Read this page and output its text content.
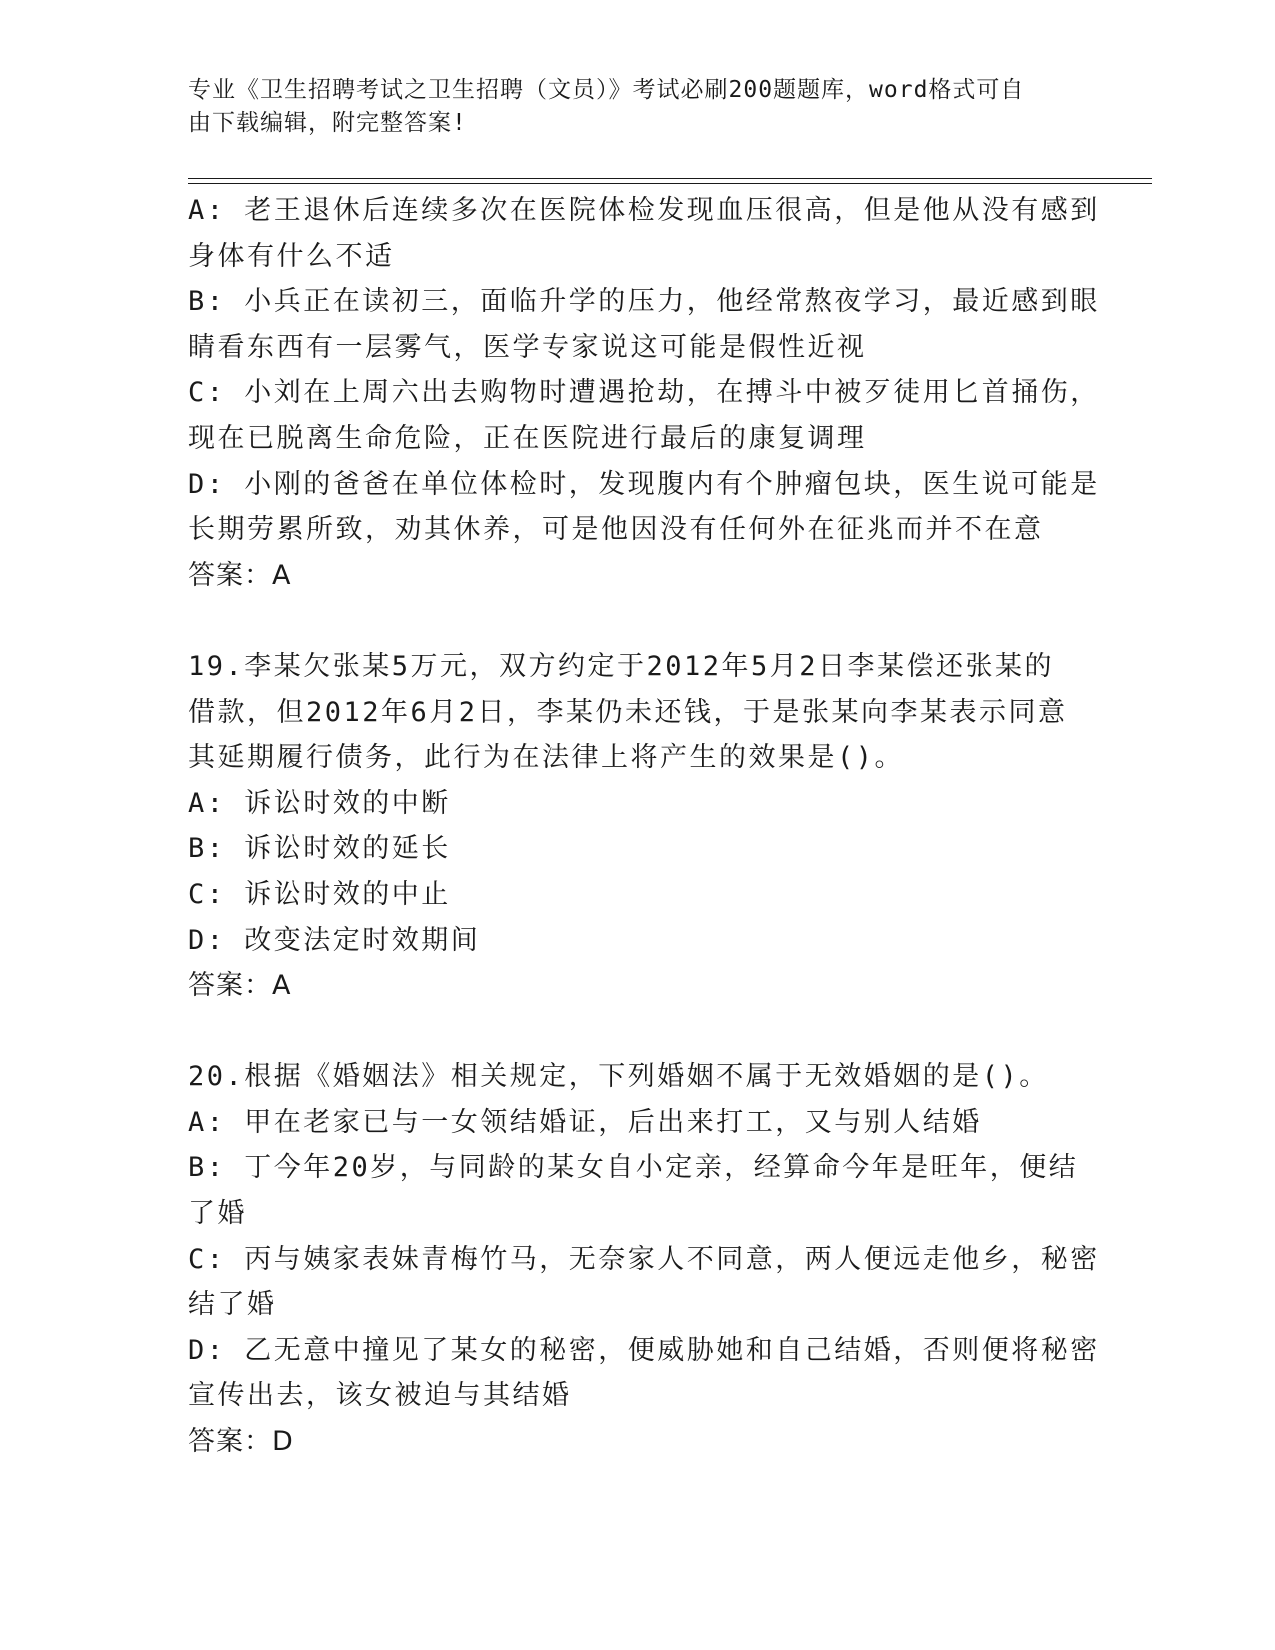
专业《卫生招聘考试之卫生招聘（文员）》考试必刷200题题库，word格式可自
由下载编辑，附完整答案!
A: 老王退休后连续多次在医院体检发现血压很高，但是他从没有感到
身体有什么不适
B: 小兵正在读初三，面临升学的压力，他经常熬夜学习，最近感到眼
睛看东西有一层雾气，医学专家说这可能是假性近视
C: 小刘在上周六出去购物时遭遇抢劫，在搏斗中被歹徒用匕首捅伤，
现在已脱离生命危险，正在医院进行最后的康复调理
D: 小刚的爸爸在单位体检时，发现腹内有个肿瘤包块，医生说可能是
长期劳累所致，劝其休养，可是他因没有任何外在征兆而并不在意
答案：A
19.李某欠张某5万元，双方约定于2012年5月2日李某偿还张某的
借款，但2012年6月2日，李某仍未还钱，于是张某向李某表示同意
其延期履行债务，此行为在法律上将产生的效果是()。
A: 诉讼时效的中断
B: 诉讼时效的延长
C: 诉讼时效的中止
D: 改变法定时效期间
答案：A
20.根据《婚姻法》相关规定，下列婚姻不属于无效婚姻的是()。
A: 甲在老家已与一女领结婚证，后出来打工，又与别人结婚
B: 丁今年20岁，与同龄的某女自小定亲，经算命今年是旺年，便结
了婚
C: 丙与姨家表妹青梅竹马，无奈家人不同意，两人便远走他乡，秘密
结了婚
D: 乙无意中撞见了某女的秘密，便威胁她和自己结婚，否则便将秘密
宣传出去，该女被迫与其结婚
答案：D
